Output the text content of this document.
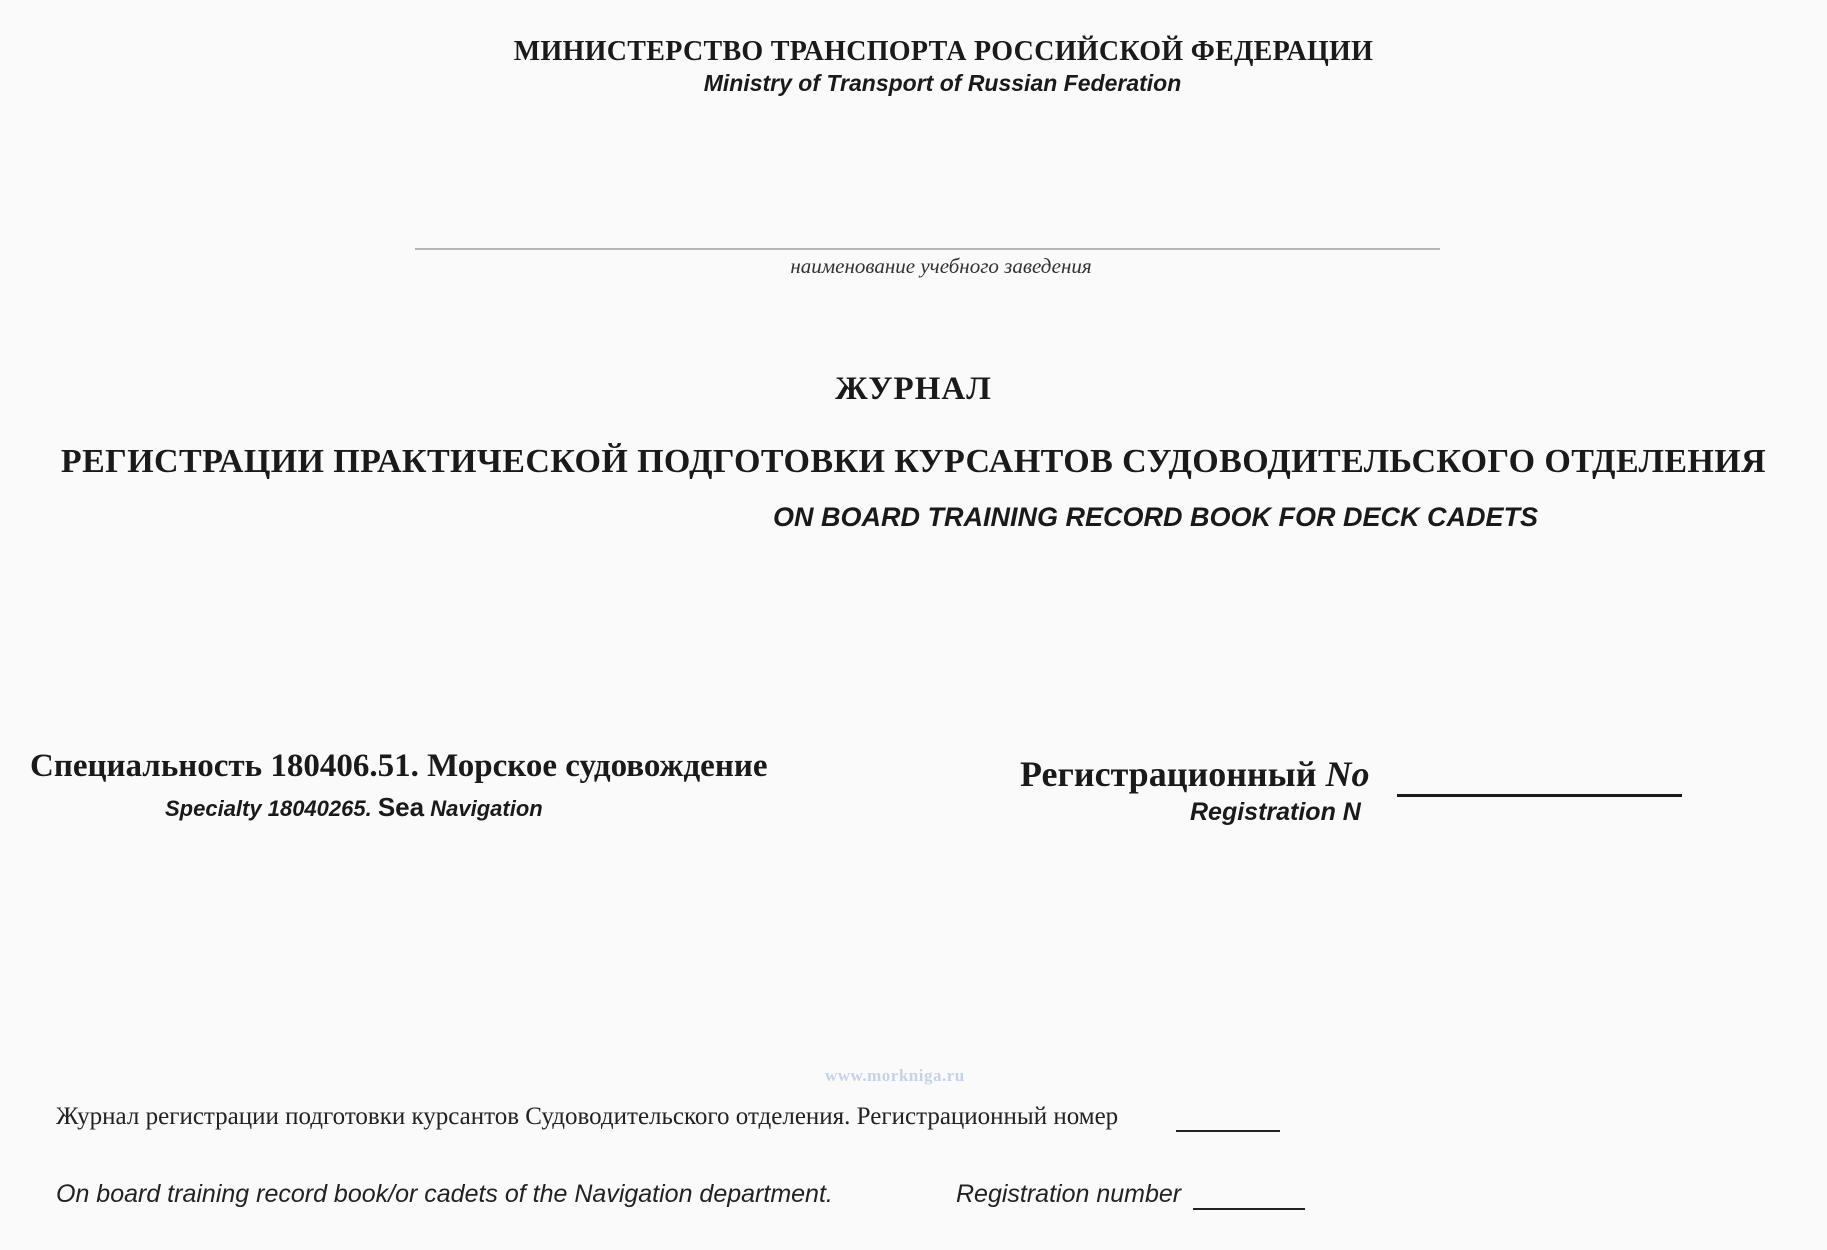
МИНИСТЕРСТВО ТРАНСПОРТА РОССИЙСКОЙ ФЕДЕРАЦИИ
Ministry of Transport of Russian Federation
наименование учебного заведения
ЖУРНАЛ
РЕГИСТРАЦИИ ПРАКТИЧЕСКОЙ ПОДГОТОВКИ КУРСАНТОВ СУДОВОДИТЕЛЬСКОГО ОТДЕЛЕНИЯ
ON BOARD TRAINING RECORD BOOK FOR DECK CADETS
Специальность 180406.51. Морское судовождение
Specialty 18040265. Sea Navigation
Регистрационный No
Registration N
www.morkniga.ru
Журнал регистрации подготовки курсантов Судоводительского отделения. Регистрационный номер
On board training record book/or cadets of the Navigation department.	Registration number
